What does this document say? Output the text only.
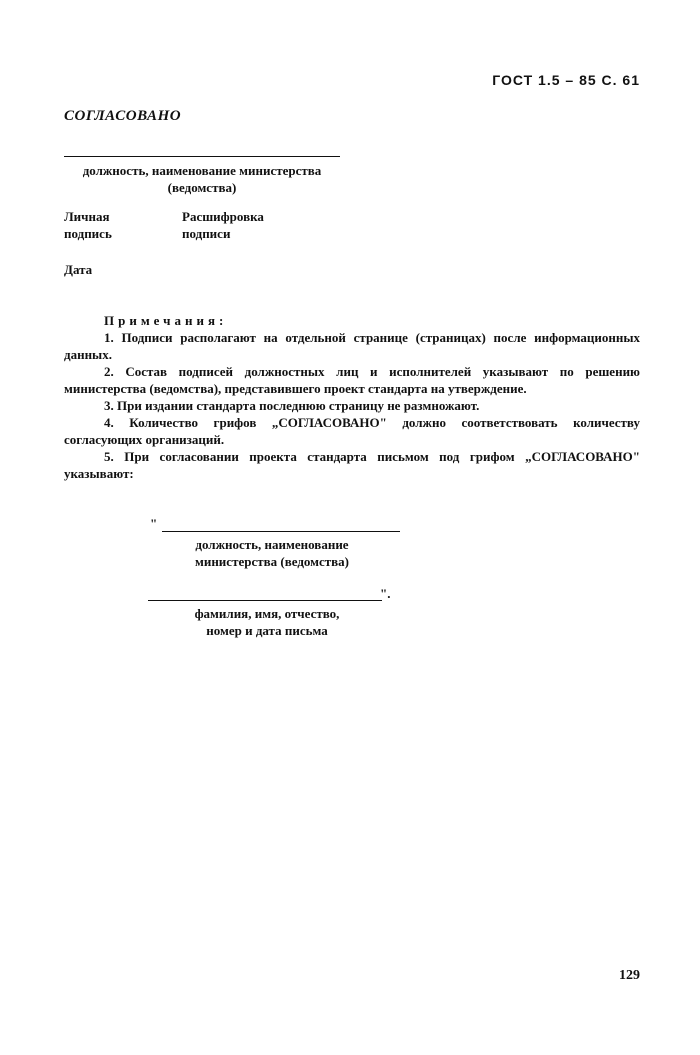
ГОСТ 1.5 – 85 С. 61
СОГЛАСОВАНО
должность, наименование министерства
(ведомства)
Личная
подпись
Расшифровка
подписи
Дата
Примечания:

1. Подписи располагают на отдельной странице (страницах) после информационных данных.

2. Состав подписей должностных лиц и исполнителей указывают по решению министерства (ведомства), представившего проект стандарта на утверждение.

3. При издании стандарта последнюю страницу не размножают.

4. Количество грифов „СОГЛАСОВАНО" должно соответствовать количеству согласующих организаций.

5. При согласовании проекта стандарта письмом под грифом „СОГЛАСОВАНО" указывают:

"
должность, наименование
министерства (ведомства)
".
фамилия, имя, отчество,
номер и дата письма
129
